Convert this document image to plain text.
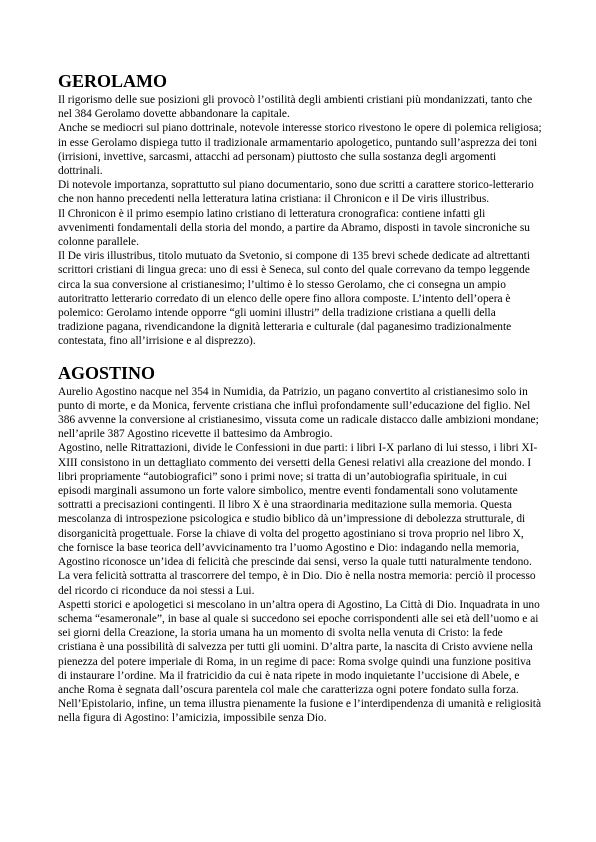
GEROLAMO

Il rigorismo delle sue posizioni gli provocò l’ostilità degli ambienti cristiani più mondanizzati, tanto che nel 384 Gerolamo dovette abbandonare la capitale.

Anche se mediocri sul piano dottrinale, notevole interesse storico rivestono le opere di polemica religiosa; in esse Gerolamo dispiega tutto il tradizionale armamentario apologetico, puntando sull’asprezza dei toni (irrisioni, invettive, sarcasmi, attacchi ad personam) piuttosto che sulla sostanza degli argomenti dottrinali.

Di notevole importanza, soprattutto sul piano documentario, sono due scritti a carattere storico-letterario che non hanno precedenti nella letteratura latina cristiana: il Chronicon e il De viris illustribus.

Il Chronicon è il primo esempio latino cristiano di letteratura cronografica: contiene infatti gli avvenimenti fondamentali della storia del mondo, a partire da Abramo, disposti in tavole sincroniche su colonne parallele.

Il De viris illustribus, titolo mutuato da Svetonio, si compone di 135 brevi schede dedicate ad altrettanti scrittori cristiani di lingua greca: uno di essi è Seneca, sul conto del quale correvano da tempo leggende circa la sua conversione al cristianesimo; l’ultimo è lo stesso Gerolamo, che ci consegna un ampio autoritratto letterario corredato di un elenco delle opere fino allora composte. L’intento dell’opera è polemico: Gerolamo intende opporre “gli uomini illustri” della tradizione cristiana a quelli della tradizione pagana, rivendicandone la dignità letteraria e culturale (dal paganesimo tradizionalmente contestata, fino all’irrisione e al disprezzo).

AGOSTINO

Aurelio Agostino nacque nel 354 in Numidia, da Patrizio, un pagano convertito al cristianesimo solo in punto di morte, e da Monica, fervente cristiana che influì profondamente sull’educazione del figlio. Nel 386 avvenne la conversione al cristianesimo, vissuta come un radicale distacco dalle ambizioni mondane; nell’aprile 387 Agostino ricevette il battesimo da Ambrogio.

Agostino, nelle Ritrattazioni, divide le Confessioni in due parti: i libri I-X parlano di lui stesso, i libri XI-XIII consistono in un dettagliato commento dei versetti della Genesi relativi alla creazione del mondo. I libri propriamente “autobiografici” sono i primi nove; si tratta di un’autobiografia spirituale, in cui episodi marginali assumono un forte valore simbolico, mentre eventi fondamentali sono volutamente sottratti a precisazioni contingenti. Il libro X è una straordinaria meditazione sulla memoria. Questa mescolanza di introspezione psicologica e studio biblico dà un’impressione di debolezza strutturale, di disorganicità progettuale. Forse la chiave di volta del progetto agostiniano si trova proprio nel libro X, che fornisce la base teorica dell’avvicinamento tra l’uomo Agostino e Dio: indagando nella memoria, Agostino riconosce un’idea di felicità che prescinde dai sensi, verso la quale tutti naturalmente tendono. La vera felicità sottratta al trascorrere del tempo, è in Dio. Dio è nella nostra memoria: perciò il processo del ricordo ci riconduce da noi stessi a Lui.

Aspetti storici e apologetici si mescolano in un’altra opera di Agostino, La Città di Dio. Inquadrata in uno schema “esameronale”, in base al quale si succedono sei epoche corrispondenti alle sei età dell’uomo e ai sei giorni della Creazione, la storia umana ha un momento di svolta nella venuta di Cristo: la fede cristiana è una possibilità di salvezza per tutti gli uomini. D’altra parte, la nascita di Cristo avviene nella pienezza del potere imperiale di Roma, in un regime di pace: Roma svolge quindi una funzione positiva di instaurare l’ordine. Ma il fratricidio da cui è nata ripete in modo inquietante l’uccisione di Abele, e anche Roma è segnata dall’oscura parentela col male che caratterizza ogni potere fondato sulla forza. Nell’Epistolario, infine, un tema illustra pienamente la fusione e l’interdipendenza di umanità e religiosità nella figura di Agostino: l’amicizia, impossibile senza Dio.
